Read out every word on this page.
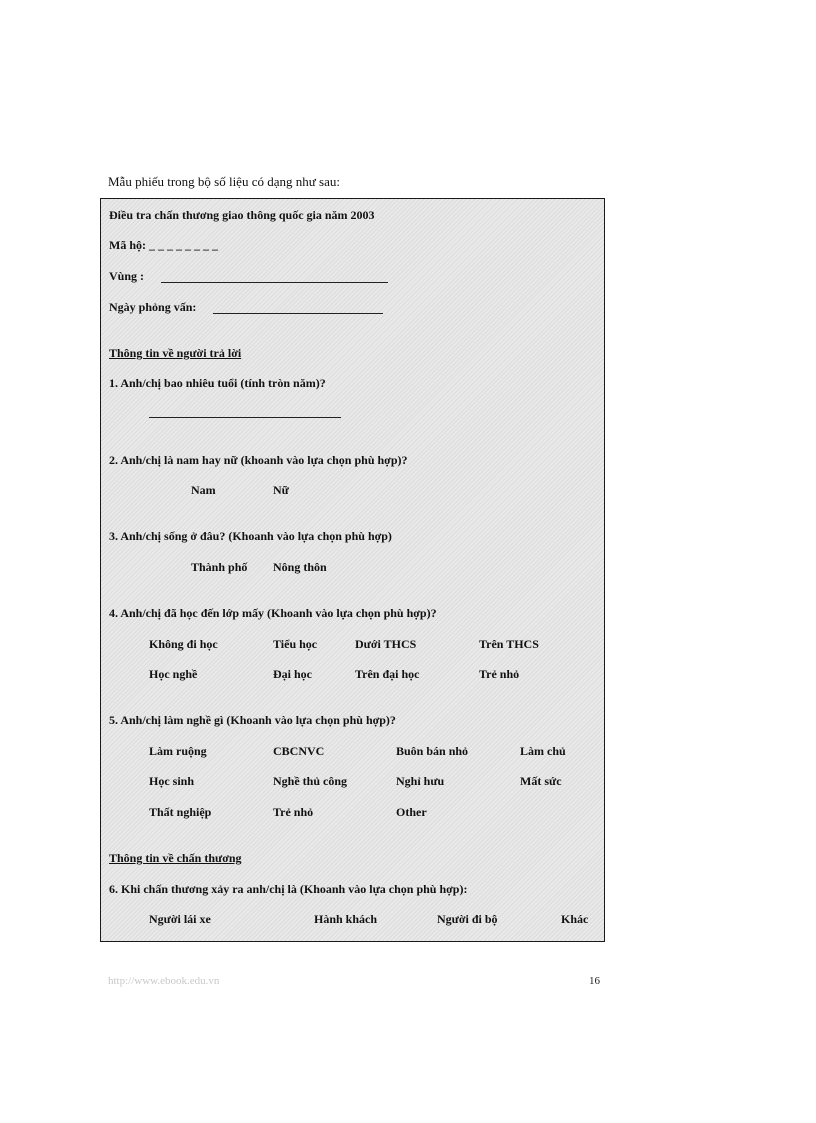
Mẫu phiếu trong bộ số liệu có dạng như sau:
Điều tra chấn thương giao thông quốc gia năm 2003
Mã hộ: _ _ _ _ _ _ _ _
Vùng :
Ngày phỏng vấn:
Thông tin về người trả lời
1. Anh/chị bao nhiêu tuổi (tính tròn năm)?
2. Anh/chị là nam hay nữ (khoanh vào lựa chọn phù hợp)?
Nam	Nữ
3. Anh/chị sống ở đâu? (Khoanh vào lựa chọn phù hợp)
Thành phố Nông thôn
4. Anh/chị đã học đến lớp mấy (Khoanh vào lựa chọn phù hợp)?
Không đi học	Tiểu học	Dưới THCS	Trên THCS
Học nghề	Đại học	Trên đại học	Trẻ nhỏ
5. Anh/chị làm nghề gì (Khoanh vào lựa chọn phù hợp)?
Làm ruộng	CBCNVC	Buôn bán nhỏ	Làm chủ
Học sinh	Nghề thủ công	Nghỉ hưu	Mất sức
Thất nghiệp	Trẻ nhỏ	Other
Thông tin về chấn thương
6. Khi chấn thương xảy ra anh/chị là (Khoanh vào lựa chọn phù hợp):
Người lái xe	Hành khách	Người đi bộ	Khác
http://www.ebook.edu.vn	16
